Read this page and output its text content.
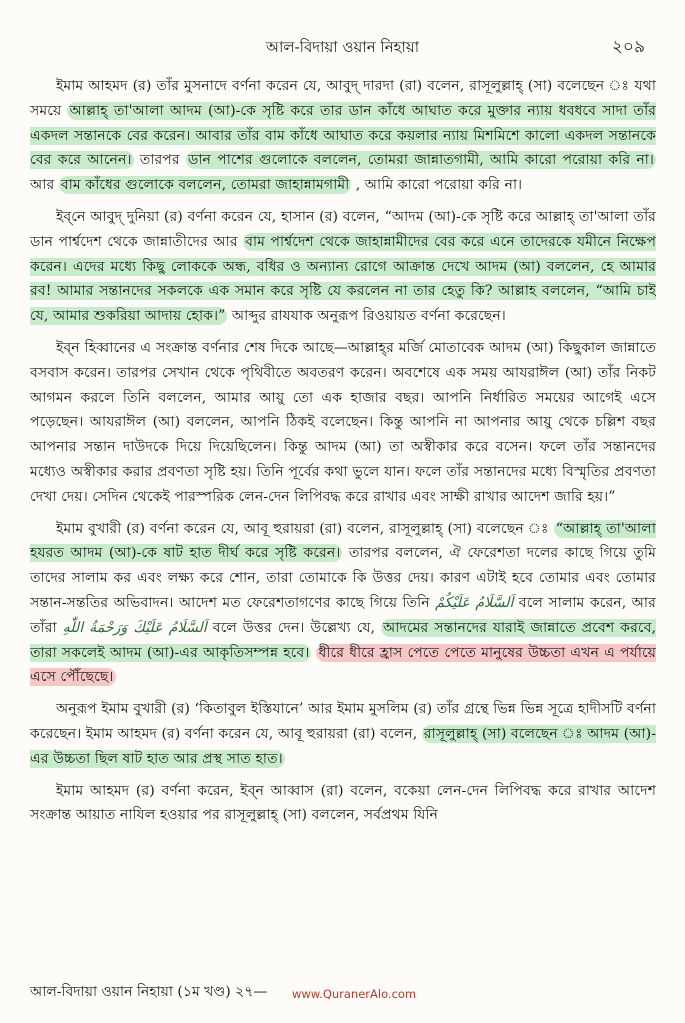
আল-বিদায়া ওয়ান নিহায়া	২০৯

ইমাম আহমদ (র) তাঁর মুসনাদে বর্ণনা করেন যে, আবুদ্ দারদা (রা) বলেন, রাসূলুল্লাহ্ (সা) বলেছেন ঃ যথা সময়ে আল্লাহ্ তা'আলা আদম (আ)-কে সৃষ্টি করে তার ডান কাঁধে আঘাত করে মুক্তার ন্যায় ধবধবে সাদা তাঁর একদল সন্তানকে বের করেন। আবার তাঁর বাম কাঁধে আঘাত করে কয়লার ন্যায় মিশমিশে কালো একদল সন্তানকে বের করে আনেন। তারপর ডান পাশের গুলোকে বললেন, তোমরা জান্নাতগামী, আমি কারো পরোয়া করি না। আর বাম কাঁধের গুলোকে বললেন, তোমরা জাহান্নামগামী , আমি কারো পরোয়া করি না।

ইব্‌নে আবুদ্ দুনিয়া (র) বর্ণনা করেন যে, হাসান (র) বলেন, “আদম (আ)-কে সৃষ্টি করে আল্লাহ্ তা'আলা তাঁর ডান পার্শ্বদেশ থেকে জান্নাতীদের আর বাম পার্শ্বদেশ থেকে জাহান্নামীদের বের করে এনে তাদেরকে যমীনে নিক্ষেপ করেন। এদের মধ্যে কিছু লোককে অন্ধ, বধির ও অন্যান্য রোগে আক্রান্ত দেখে আদম (আ) বললেন, হে আমার রব! আমার সন্তানদের সকলকে এক সমান করে সৃষ্টি যে করলেন না তার হেতু কি? আল্লাহ বললেন, “আমি চাই যে, আমার শুকরিয়া আদায় হোক।” আব্দুর রাযযাক অনুরূপ রিওয়ায়ত বর্ণনা করেছেন।

ইব্‌ন হিব্বানের এ সংক্রান্ত বর্ণনার শেষ দিকে আছে—আল্লাহ্‌র মর্জি মোতাবেক আদম (আ) কিছুকাল জান্নাতে বসবাস করেন। তারপর সেখান থেকে পৃথিবীতে অবতরণ করেন। অবশেষে এক সময় আযরাঈল (আ) তাঁর নিকট আগমন করলে তিনি বললেন, আমার আয়ু তো এক হাজার বছর। আপনি নির্ধারিত সময়ের আগেই এসে পড়েছেন। আযরাঈল (আ) বললেন, আপনি ঠিকই বলেছেন। কিন্তু আপনি না আপনার আয়ু থেকে চল্লিশ বছর আপনার সন্তান দাউদকে দিয়ে দিয়েছিলেন। কিন্তু আদম (আ) তা অস্বীকার করে বসেন। ফলে তাঁর সন্তানদের মধ্যেও অস্বীকার করার প্রবণতা সৃষ্টি হয়। তিনি পূর্বের কথা ভুলে যান। ফলে তাঁর সন্তানদের মধ্যে বিস্মৃতির প্রবণতা দেখা দেয়। সেদিন থেকেই পারস্পরিক লেন-দেন লিপিবদ্ধ করে রাখার এবং সাক্ষী রাখার আদেশ জারি হয়।”

ইমাম বুখারী (র) বর্ণনা করেন যে, আবূ হুরায়রা (রা) বলেন, রাসূলুল্লাহ্ (সা) বলেছেন ঃ “আল্লাহ্ তা'আলা হযরত আদম (আ)-কে ষাট হাত দীর্ঘ করে সৃষ্টি করেন। তারপর বললেন, ঐ ফেরেশতা দলের কাছে গিয়ে তুমি তাদের সালাম কর এবং লক্ষ্য করে শোন, তারা তোমাকে কি উত্তর দেয়। কারণ এটাই হবে তোমার এবং তোমার সন্তান-সন্ততির অভিবাদন। আদেশ মত ফেরেশতাগণের কাছে গিয়ে তিনি اَلسَّلَامُ عَلَيْكُمْ বলে সালাম করেন, আর তাঁরা اَلسَّلَامُ عَلَيْكَ وَرَحْمَةُ اللّٰهِ বলে উত্তর দেন। উল্লেখ্য যে, আদমের সন্তানদের যারাই জান্নাতে প্রবেশ করবে, তারা সকলেই আদম (আ)-এর আকৃতিসম্পন্ন হবে। ধীরে ধীরে হ্রাস পেতে পেতে মানুষের উচ্চতা এখন এ পর্যায়ে এসে পৌঁছেছে।

অনুরূপ ইমাম বুখারী (র) ‘কিতাবুল ইস্তিযানে’ আর ইমাম মুসলিম (র) তাঁর গ্রন্থে ভিন্ন ভিন্ন সূত্রে হাদীসটি বর্ণনা করেছেন। ইমাম আহমদ (র) বর্ণনা করেন যে, আবূ হুরায়রা (রা) বলেন, রাসূলুল্লাহ্ (সা) বলেছেন ঃ আদম (আ)-এর উচ্চতা ছিল ষাট হাত আর প্রস্থ সাত হাত।

ইমাম আহমদ (র) বর্ণনা করেন, ইব্‌ন আব্বাস (রা) বলেন, বকেয়া লেন-দেন লিপিবদ্ধ করে রাখার আদেশ সংক্রান্ত আয়াত নাযিল হওয়ার পর রাসূলুল্লাহ্ (সা) বললেন, সর্বপ্রথম যিনি

আল-বিদায়া ওয়ান নিহায়া (১ম খণ্ড) ২৭— www.QuranerAlo.com
